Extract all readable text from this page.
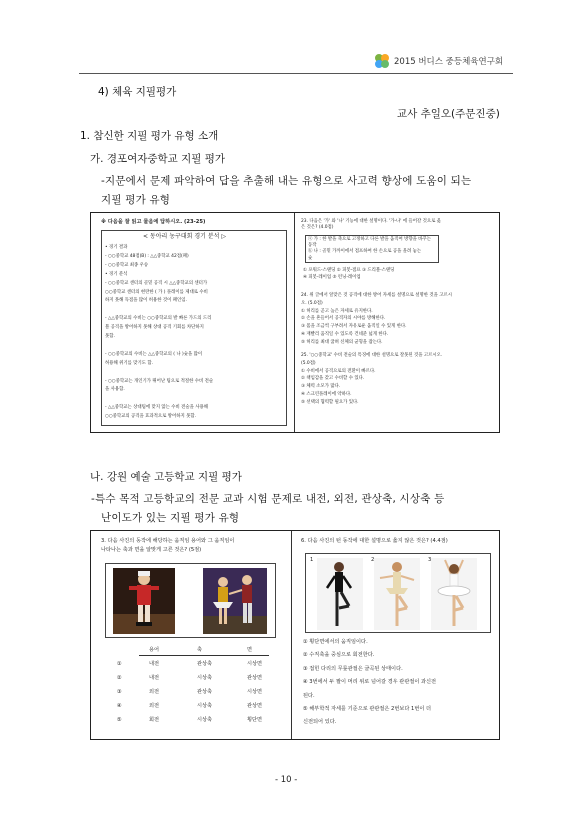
2015 버디스 중등체육연구회
4) 체육 지필평가
교사 추일오(주문진중)
1. 참신한 지필 평가 유형 소개
가. 경포여자중학교 지필 평가
-지문에서 문제 파악하여 답을 추출해 내는 유형으로 사고력 향상에 도움이 되는
지필 평가 유형
※ 다음을 잘 읽고 물음에 답하시오. (23-25)
< 동아리 농구대회 경기 분석 ▷
• 경기 결과
- ○○중학교 48점(B) : △△중학교 42점(패)
- ○○중학교 최종 우승
• 경기 분석
- ○○중학교 센터의 골밑 공격 시 △△중학교의 센터가
○○중학교 센터의 현란한 ( 가 ) 플레이를 제대로 수비
하지 못해 득점을 많이 허용한 것이 패인임.
- △△중학교의 수비는 ○○중학교의 발 빠른 가드의 드리
블 공격을 방어하지 못해 상대 공격 기회를 차단하지
못함.
- ○○중학교의 수비는 △△중학교의 ( 나 )슛을 많이
허용해 위기를 맞기도 함.
- ○○중학교는 개인기가 뛰어난 팀으로 적절한 수비 전술
을 사용함.
- △△중학교는 상대팀에 맞지 않는 수비 전술을 사용해
○○중학교의 공격을 효과적으로 방어하지 못함.
23. 다음은 '가' 와 '나' 기능에 대한 설명이다. '가-나' 에 들어갈 것으로 옳
은 것은? (4.0점)
ⓐ 가 : 한 발을 축으로 고정하고 다른 발을 움직여 방향을 바꾸는
동작
ⓑ 나 : 골밑 가까이에서 점프하여 한 손으로 공을 올려 놓는
슛
① 포워드-스탠딩 ② 피봇-점프 ③ 드리블-스탠딩
④ 피봇-레이업 ⑤ 런닝-레이업
24. 위 글에서 알맞은 것 공격에 대한 방어 자세를 설명으로 설명한 것을 고르시
오. (5.0점)
① 허리를 곧고 높은 자세로 유지한다.
② 손을 흔들어서 공격자의 시야를 방해한다.
③ 몸을 조금씩 구부려서 자유로운 움직일 수 있게 한다.
④ 재빨리 움직일 수 있도록 건네준 넓게 한다.
⑤ 허리를 최대 굽혀 신체의 균형을 잡는다.
25. '○○중학교' 수비 전술의 특징에 대한 설명으로 잘못된 것을 고르시오.
(5.0점)
① 수비에서 공격으로의 전환이 빠르다.
② 책임감을 갖고 수비할 수 있다.
③ 체력 소모가 많다.
④ 스크린플레이에 약하다.
⑤ 선택의 협력할 필요가 있다.
나. 강원 예술 고등학교 지필 평가
-특수 목적 고등학교의 전문 교과 시험 문제로 내전, 외전, 관상축, 시상축 등
난이도가 있는 지필 평가 유형
3. 다음 사진의 동작에 해당하는 움직임 용어와 그 움직임이
나타나는 축과 면을 알맞게 고른 것은? (5점)
용어	축	면
①	내전	관상축	시상면
②	내전	시상축	관상면
③	외전	관상축	시상면
④	외전	시상축	관상면
⑤	회전	시상축	횡단면
6. 다음 사진의 턴 동작에 대한 설명으로 옳지 않은 것은? (4.4점)
1	2	3
① 횡단면에서의 움직임이다.
② 수직축을 중심으로 회전한다.
③ 접힌 다리의 무릎관절은 굴곡된 상태이다.
④ 3번에서 두 팔이 머리 위로 넘어갈 경우 관관절이 과신전
된다.
⑤ 해부학적 자세를 기준으로 관관절은 2번보다 1번이 더
신전되어 있다.
- 10 -
